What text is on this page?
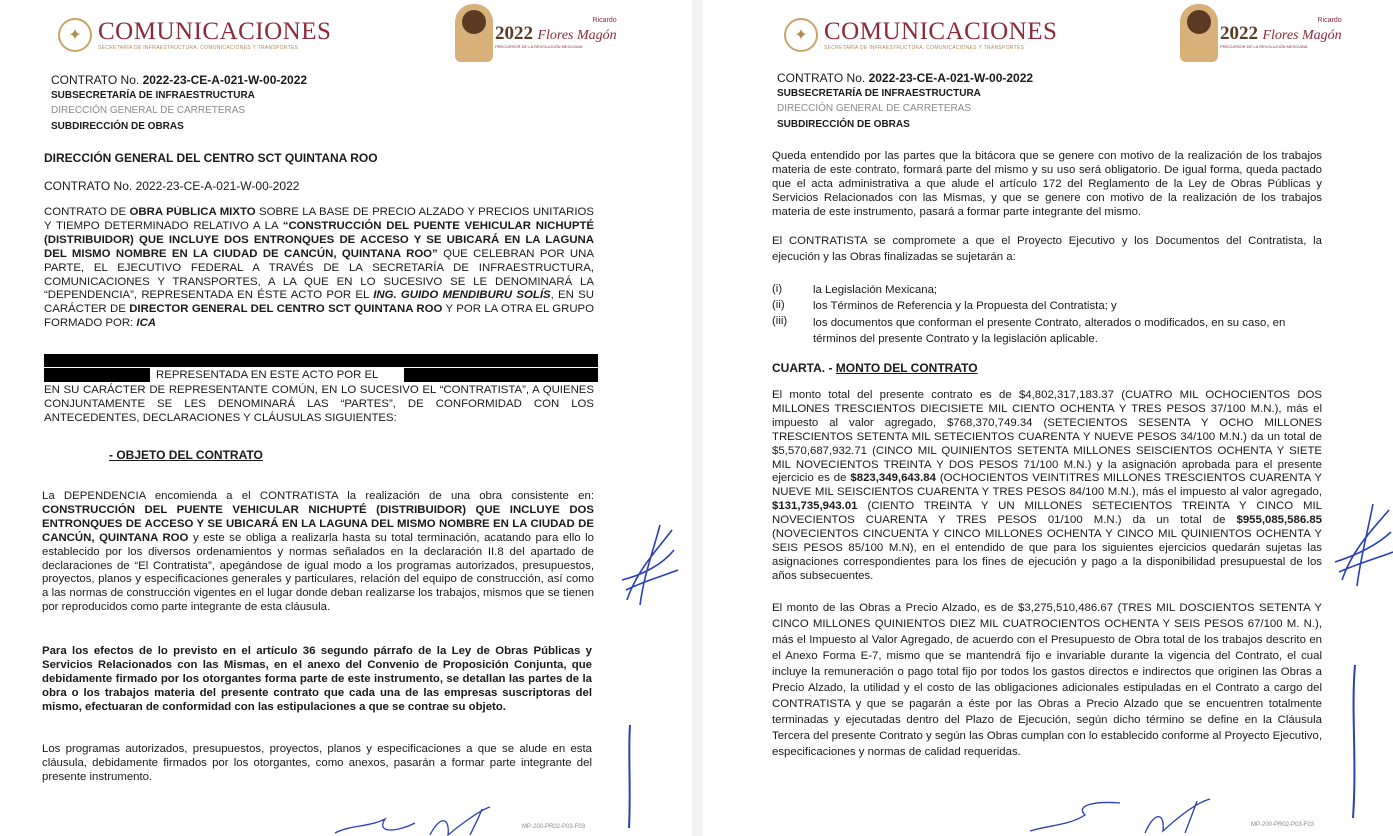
✦ COMUNICACIONES
SECRETARÍA DE INFRAESTRUCTURA, COMUNICACIONES Y TRANSPORTES
Ricardo
2022 Flores Magón
PRECURSOR DE LA REVOLUCIÓN MEXICANA
CONTRATO No. 2022-23-CE-A-021-W-00-2022
SUBSECRETARÍA DE INFRAESTRUCTURA
DIRECCIÓN GENERAL DE CARRETERAS
SUBDIRECCIÓN DE OBRAS
DIRECCIÓN GENERAL DEL CENTRO SCT QUINTANA ROO
CONTRATO No. 2022-23-CE-A-021-W-00-2022

CONTRATO DE OBRA PÚBLICA MIXTO SOBRE LA BASE DE PRECIO ALZADO Y PRECIOS UNITARIOS Y TIEMPO DETERMINADO RELATIVO A LA “CONSTRUCCIÓN DEL PUENTE VEHICULAR NICHUPTÉ (DISTRIBUIDOR) QUE INCLUYE DOS ENTRONQUES DE ACCESO Y SE UBICARÁ EN LA LAGUNA DEL MISMO NOMBRE EN LA CIUDAD DE CANCÚN, QUINTANA ROO” QUE CELEBRAN POR UNA PARTE, EL EJECUTIVO FEDERAL A TRAVÉS DE LA SECRETARÍA DE INFRAESTRUCTURA, COMUNICACIONES Y TRANSPORTES, A LA QUE EN LO SUCESIVO SE LE DENOMINARÁ LA “DEPENDENCIA”, REPRESENTADA EN ÉSTE ACTO POR EL ING. GUIDO MENDIBURU SOLÍS, EN SU CARÁCTER DE DIRECTOR GENERAL DEL CENTRO SCT QUINTANA ROO Y POR LA OTRA EL GRUPO FORMADO POR: ICA

REPRESENTADA EN ESTE ACTO POR EL

EN SU CARÁCTER DE REPRESENTANTE COMÚN, EN LO SUCESIVO EL “CONTRATISTA”, A QUIENES CONJUNTAMENTE SE LES DENOMINARÁ LAS “PARTES”, DE CONFORMIDAD CON LOS ANTECEDENTES, DECLARACIONES Y CLÁUSULAS SIGUIENTES:

- OBJETO DEL CONTRATO

La DEPENDENCIA encomienda a el CONTRATISTA la realización de una obra consistente en: CONSTRUCCIÓN DEL PUENTE VEHICULAR NICHUPTÉ (DISTRIBUIDOR) QUE INCLUYE DOS ENTRONQUES DE ACCESO Y SE UBICARÁ EN LA LAGUNA DEL MISMO NOMBRE EN LA CIUDAD DE CANCÚN, QUINTANA ROO y este se obliga a realizarla hasta su total terminación, acatando para ello lo establecido por los diversos ordenamientos y normas señalados en la declaración II.8 del apartado de declaraciones de “El Contratista”, apegándose de igual modo a los programas autorizados, presupuestos, proyectos, planos y especificaciones generales y particulares, relación del equipo de construcción, así como a las normas de construcción vigentes en el lugar donde deban realizarse los trabajos, mismos que se tienen por reproducidos como parte integrante de esta cláusula.

Para los efectos de lo previsto en el artículo 36 segundo párrafo de la Ley de Obras Públicas y Servicios Relacionados con las Mismas, en el anexo del Convenio de Proposición Conjunta, que debidamente firmado por los otorgantes forma parte de este instrumento, se detallan las partes de la obra o los trabajos materia del presente contrato que cada una de las empresas suscriptoras del mismo, efectuaran de conformidad con las estipulaciones a que se contrae su objeto.

Los programas autorizados, presupuestos, proyectos, planos y especificaciones a que se alude en esta cláusula, debidamente firmados por los otorgantes, como anexos, pasarán a formar parte integrante del presente instrumento.

MP-200-PR02-P03-F03
✦ COMUNICACIONES
SECRETARÍA DE INFRAESTRUCTURA, COMUNICACIONES Y TRANSPORTES
Ricardo
2022 Flores Magón
PRECURSOR DE LA REVOLUCIÓN MEXICANA
CONTRATO No. 2022-23-CE-A-021-W-00-2022
SUBSECRETARÍA DE INFRAESTRUCTURA
DIRECCIÓN GENERAL DE CARRETERAS
SUBDIRECCIÓN DE OBRAS

Queda entendido por las partes que la bitácora que se genere con motivo de la realización de los trabajos materia de este contrato, formará parte del mismo y su uso será obligatorio. De igual forma, queda pactado que el acta administrativa a que alude el artículo 172 del Reglamento de la Ley de Obras Públicas y Servicios Relacionados con las Mismas, y que se genere con motivo de la realización de los trabajos materia de este instrumento, pasará a formar parte integrante del mismo.

El CONTRATISTA se compromete a que el Proyecto Ejecutivo y los Documentos del Contratista, la ejecución y las Obras finalizadas se sujetarán a:

(i)	la Legislación Mexicana;
(ii) los Términos de Referencia y la Propuesta del Contratista; y
(iii) los documentos que conforman el presente Contrato, alterados o modificados, en su caso, en términos del presente Contrato y la legislación aplicable.
CUARTA. - MONTO DEL CONTRATO

El monto total del presente contrato es de $4,802,317,183.37 (CUATRO MIL OCHOCIENTOS DOS MILLONES TRESCIENTOS DIECISIETE MIL CIENTO OCHENTA Y TRES PESOS 37/100 M.N.), más el impuesto al valor agregado, $768,370,749.34 (SETECIENTOS SESENTA Y OCHO MILLONES TRESCIENTOS SETENTA MIL SETECIENTOS CUARENTA Y NUEVE PESOS 34/100 M.N.) da un total de $5,570,687,932.71 (CINCO MIL QUINIENTOS SETENTA MILLONES SEISCIENTOS OCHENTA Y SIETE MIL NOVECIENTOS TREINTA Y DOS PESOS 71/100 M.N.) y la asignación aprobada para el presente ejercicio es de $823,349,643.84 (OCHOCIENTOS VEINTITRES MILLONES TRESCIENTOS CUARENTA Y NUEVE MIL SEISCIENTOS CUARENTA Y TRES PESOS 84/100 M.N.), más el impuesto al valor agregado, $131,735,943.01 (CIENTO TREINTA Y UN MILLONES SETECIENTOS TREINTA Y CINCO MIL NOVECIENTOS CUARENTA Y TRES PESOS 01/100 M.N.) da un total de $955,085,586.85 (NOVECIENTOS CINCUENTA Y CINCO MILLONES OCHENTA Y CINCO MIL QUINIENTOS OCHENTA Y SEIS PESOS 85/100 M.N), en el entendido de que para los siguientes ejercicios quedarán sujetas las asignaciones correspondientes para los fines de ejecución y pago a la disponibilidad presupuestal de los años subsecuentes.

El monto de las Obras a Precio Alzado, es de $3,275,510,486.67 (TRES MIL DOSCIENTOS SETENTA Y CINCO MILLONES QUINIENTOS DIEZ MIL CUATROCIENTOS OCHENTA Y SEIS PESOS 67/100 M. N.), más el Impuesto al Valor Agregado, de acuerdo con el Presupuesto de Obra total de los trabajos descrito en el Anexo Forma E-7, mismo que se mantendrá fijo e invariable durante la vigencia del Contrato, el cual incluye la remuneración o pago total fijo por todos los gastos directos e indirectos que originen las Obras a Precio Alzado, la utilidad y el costo de las obligaciones adicionales estipuladas en el Contrato a cargo del CONTRATISTA y que se pagarán a éste por las Obras a Precio Alzado que se encuentren totalmente terminadas y ejecutadas dentro del Plazo de Ejecución, según dicho término se define en la Cláusula Tercera del presente Contrato y según las Obras cumplan con lo establecido conforme al Proyecto Ejecutivo, especificaciones y normas de calidad requeridas.

MP-200-PR02-P03-F03
